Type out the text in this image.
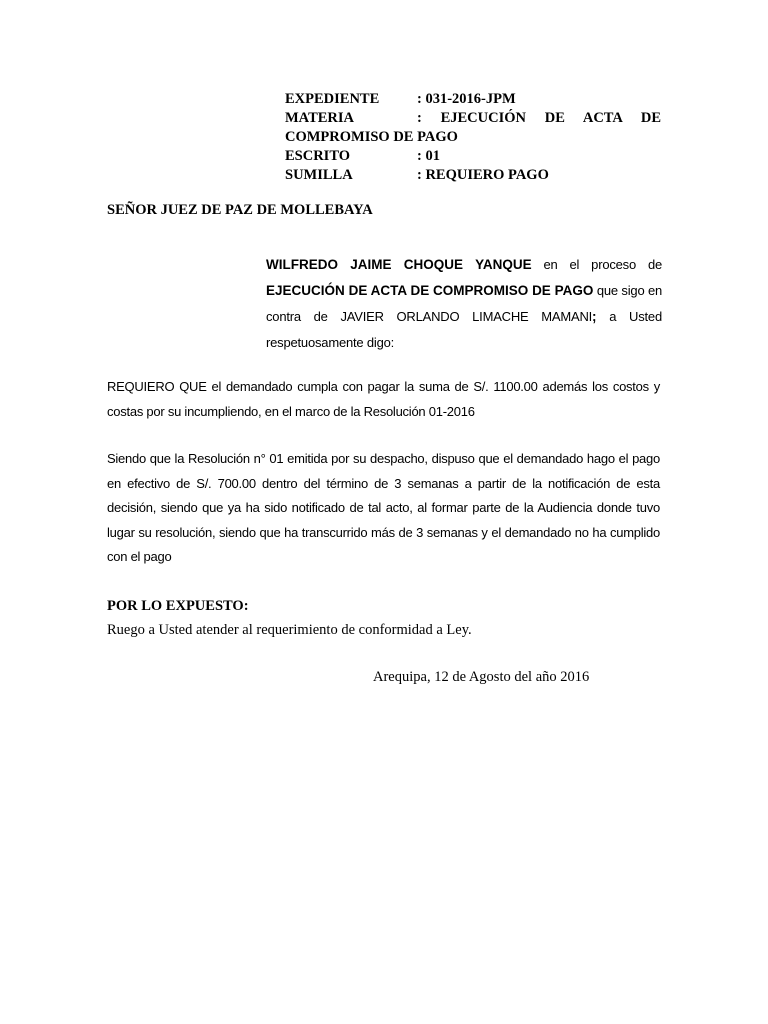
EXPEDIENTE	: 031-2016-JPM
MATERIA	: EJECUCIÓN DE ACTA DE
COMPROMISO DE PAGO
ESCRITO	: 01
SUMILLA	: REQUIERO PAGO
SEÑOR JUEZ DE PAZ DE MOLLEBAYA
WILFREDO JAIME CHOQUE YANQUE en el proceso de EJECUCIÓN DE ACTA DE COMPROMISO DE PAGO que sigo en contra de JAVIER ORLANDO LIMACHE MAMANI; a Usted respetuosamente digo:
REQUIERO QUE el demandado cumpla con pagar la suma de S/. 1100.00 además los costos y costas por su incumpliendo, en el marco de la Resolución 01-2016
Siendo que la Resolución n° 01 emitida por su despacho, dispuso que el demandado hago el pago en efectivo de S/. 700.00 dentro del término de 3 semanas a partir de la notificación de esta decisión, siendo que ya ha sido notificado de tal acto, al formar parte de la Audiencia donde tuvo lugar su resolución, siendo que ha transcurrido más de 3 semanas y el demandado no ha cumplido con el pago
POR LO EXPUESTO:
Ruego a Usted atender al requerimiento de conformidad a Ley.
Arequipa, 12 de Agosto del año 2016
